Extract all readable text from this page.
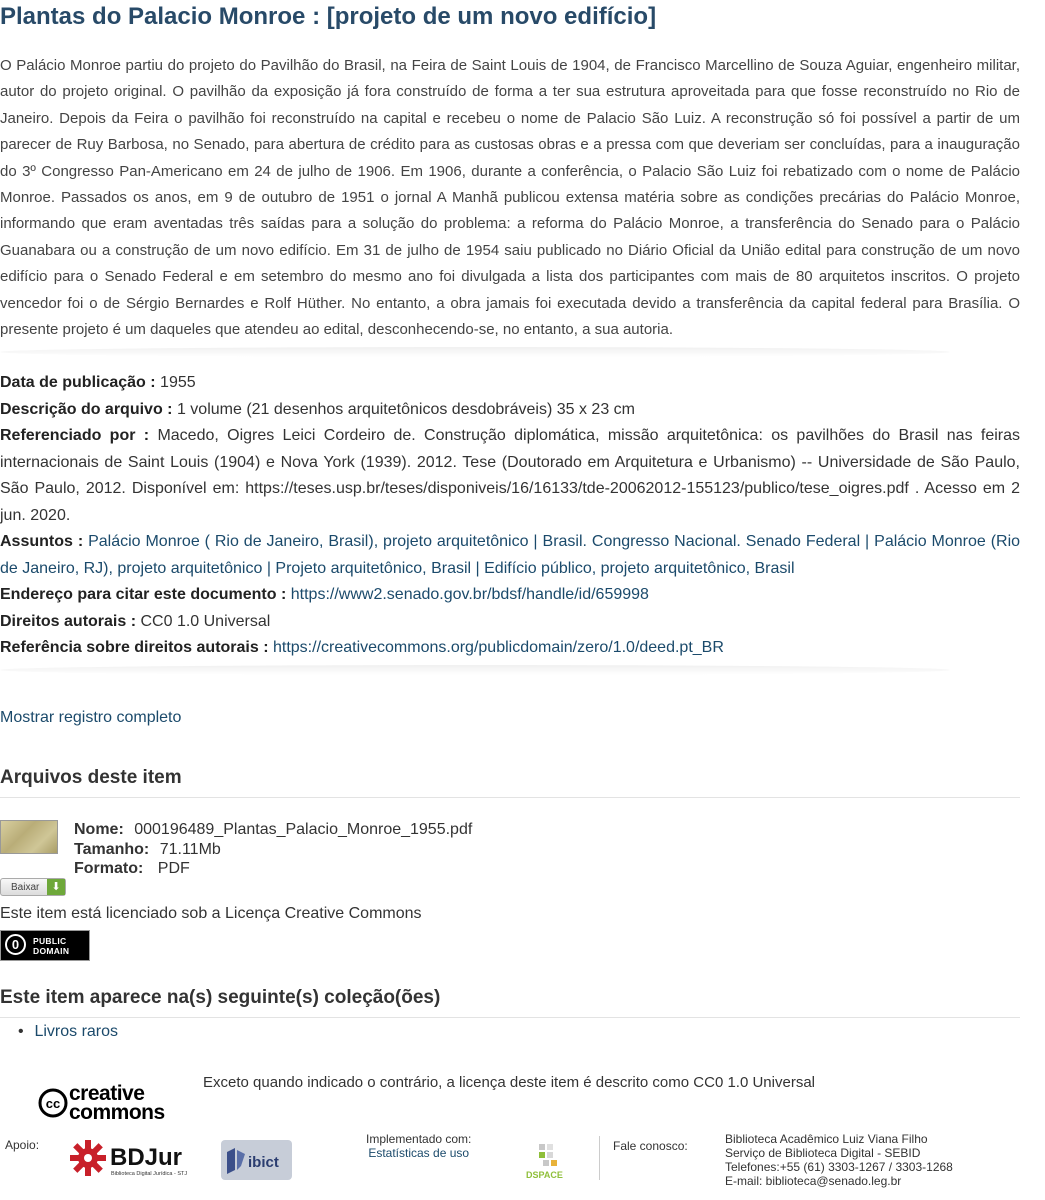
Plantas do Palacio Monroe : [projeto de um novo edifício]

O Palácio Monroe partiu do projeto do Pavilhão do Brasil, na Feira de Saint Louis de 1904, de Francisco Marcellino de Souza Aguiar, engenheiro militar, autor do projeto original. O pavilhão da exposição já fora construído de forma a ter sua estrutura aproveitada para que fosse reconstruído no Rio de Janeiro. Depois da Feira o pavilhão foi reconstruído na capital e recebeu o nome de Palacio São Luiz. A reconstrução só foi possível a partir de um parecer de Ruy Barbosa, no Senado, para abertura de crédito para as custosas obras e a pressa com que deveriam ser concluídas, para a inauguração do 3º Congresso Pan-Americano em 24 de julho de 1906. Em 1906, durante a conferência, o Palacio São Luiz foi rebatizado com o nome de Palácio Monroe. Passados os anos, em 9 de outubro de 1951 o jornal A Manhã publicou extensa matéria sobre as condições precárias do Palácio Monroe, informando que eram aventadas três saídas para a solução do problema: a reforma do Palácio Monroe, a transferência do Senado para o Palácio Guanabara ou a construção de um novo edifício. Em 31 de julho de 1954 saiu publicado no Diário Oficial da União edital para construção de um novo edifício para o Senado Federal e em setembro do mesmo ano foi divulgada a lista dos participantes com mais de 80 arquitetos inscritos. O projeto vencedor foi o de Sérgio Bernardes e Rolf Hüther. No entanto, a obra jamais foi executada devido a transferência da capital federal para Brasília. O presente projeto é um daqueles que atendeu ao edital, desconhecendo-se, no entanto, a sua autoria.

Data de publicação : 1955

Descrição do arquivo : 1 volume (21 desenhos arquitetônicos desdobráveis) 35 x 23 cm

Referenciado por : Macedo, Oigres Leici Cordeiro de. Construção diplomática, missão arquitetônica: os pavilhões do Brasil nas feiras internacionais de Saint Louis (1904) e Nova York (1939). 2012. Tese (Doutorado em Arquitetura e Urbanismo) -- Universidade de São Paulo, São Paulo, 2012. Disponível em: https://teses.usp.br/teses/disponiveis/16/16133/tde-20062012-155123/publico/tese_oigres.pdf . Acesso em 2 jun. 2020.

Assuntos : Palácio Monroe ( Rio de Janeiro, Brasil), projeto arquitetônico | Brasil. Congresso Nacional. Senado Federal | Palácio Monroe (Rio de Janeiro, RJ), projeto arquitetônico | Projeto arquitetônico, Brasil | Edifício público, projeto arquitetônico, Brasil

Endereço para citar este documento : https://www2.senado.gov.br/bdsf/handle/id/659998

Direitos autorais : CC0 1.0 Universal

Referência sobre direitos autorais : https://creativecommons.org/publicdomain/zero/1.0/deed.pt_BR

Mostrar registro completo
Arquivos deste item
Nome: 000196489_Plantas_Palacio_Monroe_1955.pdf
Tamanho: 71.11Mb
Formato: PDF
Baixar	⬇
Este item está licenciado sob a Licença Creative Commons
0	PUBLIC
DOMAIN
Este item aparece na(s) seguinte(s) coleção(ões)
• Livros raros
cc creative
commons
Exceto quando indicado o contrário, a licença deste item é descrito como CC0 1.0 Universal
Apoio:	BDJur
Biblioteca Digital Jurídica - STJ
ibict
Implementado com:
Estatísticas de uso
DSPACE
Fale conosco:	Biblioteca Acadêmico Luiz Viana Filho
Serviço de Biblioteca Digital - SEBID
Telefones:+55 (61) 3303-1267 / 3303-1268
E-mail: biblioteca@senado.leg.br
